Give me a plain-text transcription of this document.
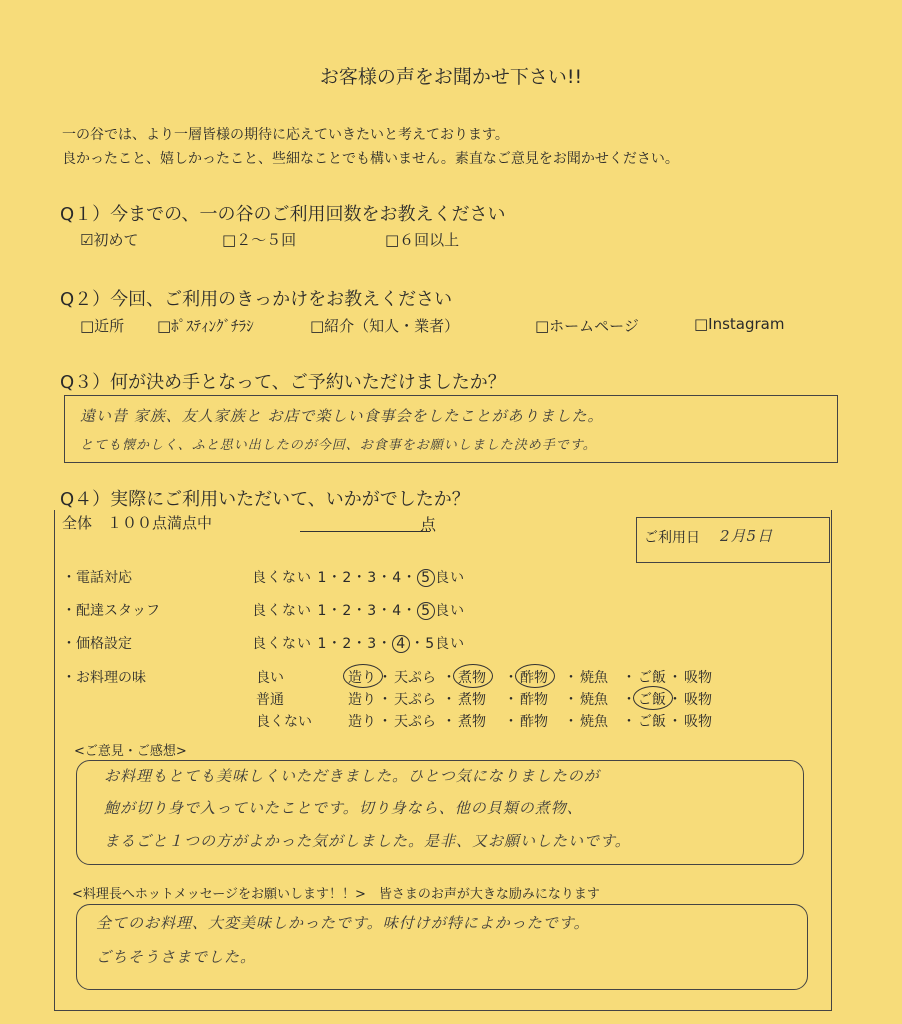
お客様の声をお聞かせ下さい!!
一の谷では、より一層皆様の期待に応えていきたいと考えております。
良かったこと、嬉しかったこと、些細なことでも構いません。素直なご意見をお聞かせください。
Q１）今までの、一の谷のご利用回数をお教えください
☑初めて	□２～５回	□６回以上
Q２）今回、ご利用のきっかけをお教えください
□近所 □ﾎﾟｽﾃｨﾝｸﾞﾁﾗｼ	□紹介（知人・業者）	□ホームページ	□Instagram
Q３）何が決め手となって、ご予約いただけましたか？
遠い昔 家族、友人家族と お店で楽しい食事会をしたことがありました。
とても懐かしく、ふと思い出したのが今回、お食事をお願いしました決め手です。
Q４）実際にご利用いただいて、いかがでしたか？
全体　１００点満点中	点
ご利用日 2月5日
・電話対応	良くない 1・2・3・4・ 5 良い
・配達スタッフ	良くない 1・2・3・4・ 5 良い
・価格設定	良くない 1・2・3・ 4 ・5良い
・お料理の味	良い	造り ・ 天ぷら ・ 煮物 ・ 酢物 ・ 焼魚 ・ ご飯 ・ 吸物
普通	造り ・ 天ぷら ・ 煮物 ・ 酢物 ・ 焼魚 ・ ご飯 ・ 吸物
良くない	造り ・ 天ぷら ・ 煮物 ・ 酢物 ・ 焼魚 ・ ご飯 ・ 吸物
<ご意見・ご感想>
お料理もとても美味しくいただきました。ひとつ気になりましたのが
鮑が切り身で入っていたことです。切り身なら、他の貝類の煮物、
まるごと１つの方がよかった気がしました。是非、又お願いしたいです。
<料理長へホットメッセージをお願いします！！>　皆さまのお声が大きな励みになります
全てのお料理、大変美味しかったです。味付けが特によかったです。
ごちそうさまでした。
